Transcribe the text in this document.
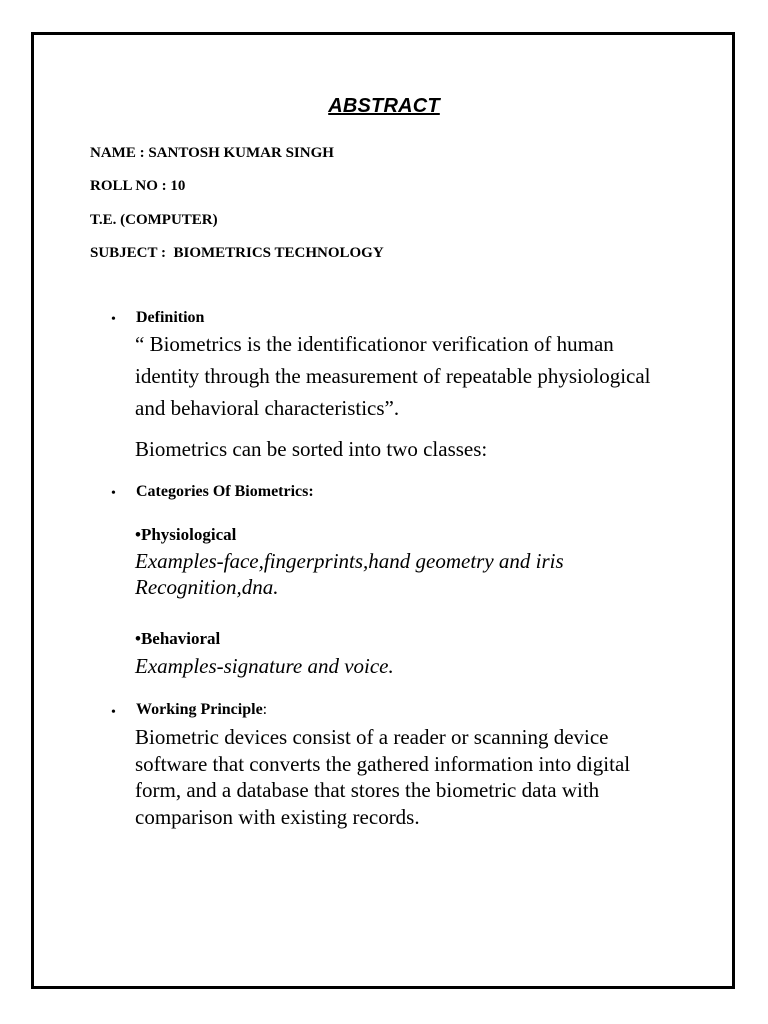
ABSTRACT
NAME : SANTOSH KUMAR SINGH
ROLL NO : 10
T.E. (COMPUTER)
SUBJECT :  BIOMETRICS TECHNOLOGY
• Definition
“ Biometrics is the identificationor verification of human identity through the measurement of repeatable physiological and behavioral characteristics”.
Biometrics can be sorted into two classes:
• Categories Of Biometrics:
•Physiological
Examples-face,fingerprints,hand geometry and iris Recognition,dna.
•Behavioral
Examples-signature and voice.
• Working Principle:
Biometric devices consist of a reader or scanning device software that converts the gathered information into digital form, and a database that stores the biometric data with comparison with existing records.
